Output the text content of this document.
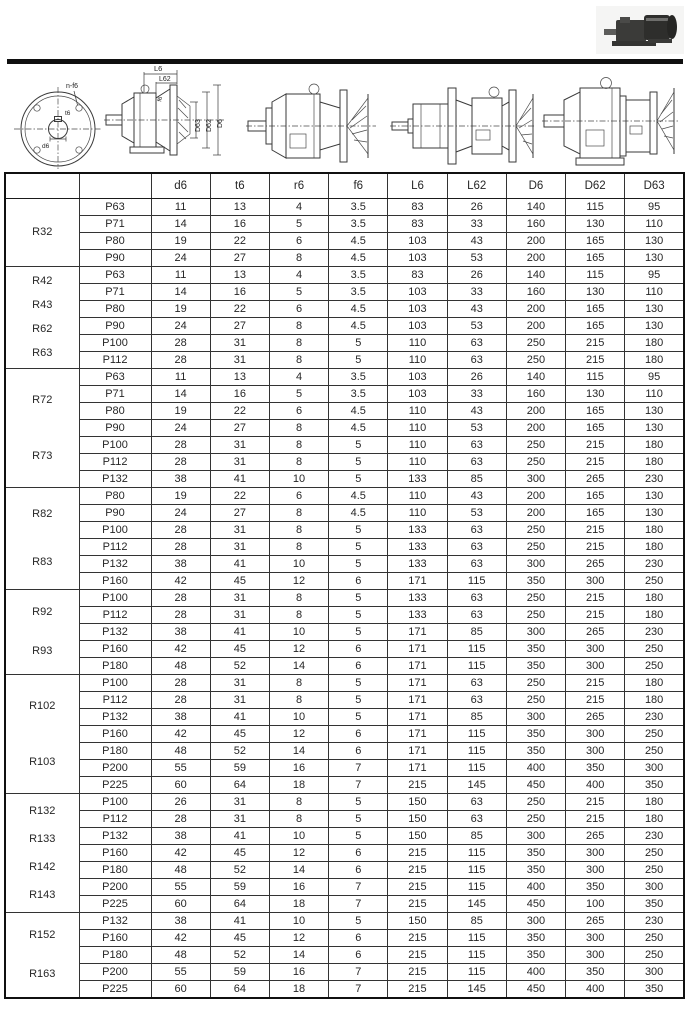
d6
t6
n-f6
L6
L62
f6
D63 D62 D6
		d6	t6	r6	f6	L6	L62	D6	D62	D63

R32	P63	11	13	4	3.5	83	26	140	115	95
	P71	14	16	5	3.5	83	33	160	130	110
	P80	19	22	6	4.5	103	43	200	165	130
	P90	24	27	8	4.5	103	53	200	165	130

R42
R43
R62
R63	P63	11	13	4	3.5	83	26	140	115	95
	P71	14	16	5	3.5	103	33	160	130	110
	P80	19	22	6	4.5	103	43	200	165	130
	P90	24	27	8	4.5	103	53	200	165	130
	P100	28	31	8	5	110	63	250	215	180
	P112	28	31	8	5	110	63	250	215	180

R72
R73	P63	11	13	4	3.5	103	26	140	115	95
	P71	14	16	5	3.5	103	33	160	130	110
	P80	19	22	6	4.5	110	43	200	165	130
	P90	24	27	8	4.5	110	53	200	165	130
	P100	28	31	8	5	110	63	250	215	180
	P112	28	31	8	5	110	63	250	215	180
	P132	38	41	10	5	133	85	300	265	230

R82
R83	P80	19	22	6	4.5	110	43	200	165	130
	P90	24	27	8	4.5	110	53	200	165	130
	P100	28	31	8	5	133	63	250	215	180
	P112	28	31	8	5	133	63	250	215	180
	P132	38	41	10	5	133	63	300	265	230
	P160	42	45	12	6	171	115	350	300	250

R92
R93	P100	28	31	8	5	133	63	250	215	180
	P112	28	31	8	5	133	63	250	215	180
	P132	38	41	10	5	171	85	300	265	230
	P160	42	45	12	6	171	115	350	300	250
	P180	48	52	14	6	171	115	350	300	250

R102
R103	P100	28	31	8	5	171	63	250	215	180
	P112	28	31	8	5	171	63	250	215	180
	P132	38	41	10	5	171	85	300	265	230
	P160	42	45	12	6	171	115	350	300	250
	P180	48	52	14	6	171	115	350	300	250
	P200	55	59	16	7	171	115	400	350	300
	P225	60	64	18	7	215	145	450	400	350

R132
R133
R142
R143	P100	26	31	8	5	150	63	250	215	180
	P112	28	31	8	5	150	63	250	215	180
	P132	38	41	10	5	150	85	300	265	230
	P160	42	45	12	6	215	115	350	300	250
	P180	48	52	14	6	215	115	350	300	250
	P200	55	59	16	7	215	115	400	350	300
	P225	60	64	18	7	215	145	450	100	350

R152
R163	P132	38	41	10	5	150	85	300	265	230
	P160	42	45	12	6	215	115	350	300	250
	P180	48	52	14	6	215	115	350	300	250
	P200	55	59	16	7	215	115	400	350	300
	P225	60	64	18	7	215	145	450	400	350
